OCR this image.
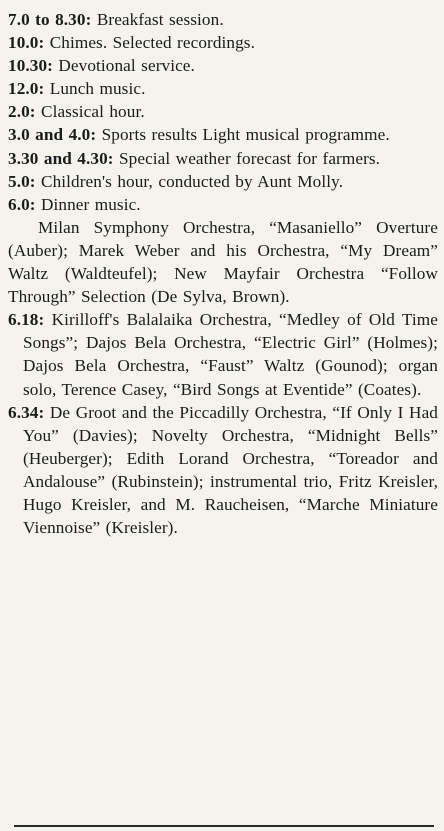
7.0 to 8.30: Breakfast session.

10.0: Chimes. Selected recordings.

10.30: Devotional service.

12.0: Lunch music.

2.0: Classical hour.

3.0 and 4.0: Sports results Light musical programme.

3.30 and 4.30: Special weather forecast for farmers.

5.0: Children's hour, conducted by Aunt Molly.

6.0: Dinner music.

Milan Symphony Orchestra, “Masaniello” Overture (Auber); Marek Weber and his Orchestra, “My Dream” Waltz (Waldteufel); New Mayfair Orchestra “Follow Through” Selection (De Sylva, Brown).

6.18: Kirilloff's Balalaika Orchestra, “Medley of Old Time Songs”; Dajos Bela Orchestra, “Electric Girl” (Holmes); Dajos Bela Orchestra, “Faust” Waltz (Gounod); organ solo, Terence Casey, “Bird Songs at Eventide” (Coates).

6.34: De Groot and the Piccadilly Orchestra, “If Only I Had You” (Davies); Novelty Orchestra, “Midnight Bells” (Heuberger); Edith Lorand Orchestra, “Toreador and Andalouse” (Rubinstein); instrumental trio, Fritz Kreisler, Hugo Kreisler, and M. Raucheisen, “Marche Miniature Viennoise” (Kreisler).
